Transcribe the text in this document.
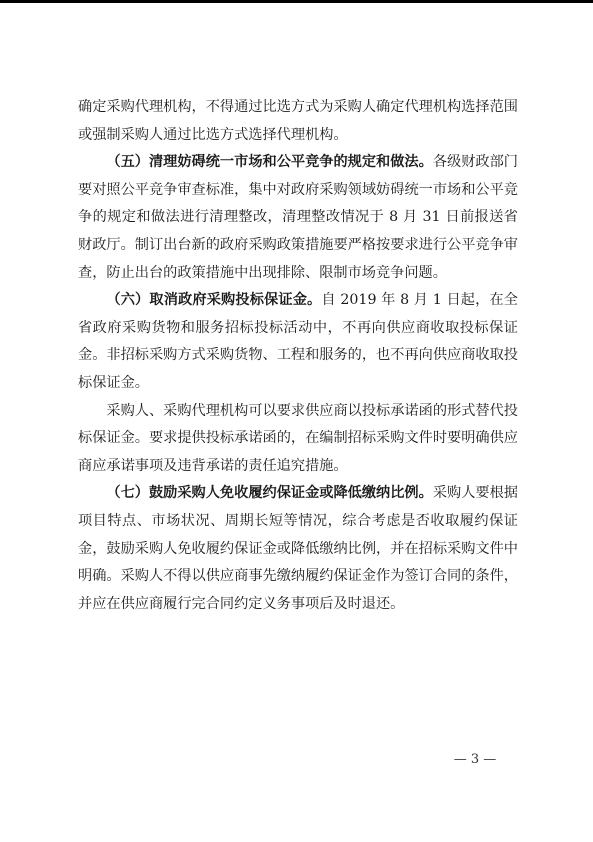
确定采购代理机构，不得通过比选方式为采购人确定代理机构选择范围或强制采购人通过比选方式选择代理机构。

（五）清理妨碍统一市场和公平竞争的规定和做法。各级财政部门要对照公平竞争审查标准，集中对政府采购领域妨碍统一市场和公平竞争的规定和做法进行清理整改，清理整改情况于 8 月 31 日前报送省财政厅。制订出台新的政府采购政策措施要严格按要求进行公平竞争审查，防止出台的政策措施中出现排除、限制市场竞争问题。

（六）取消政府采购投标保证金。自 2019 年 8 月 1 日起，在全省政府采购货物和服务招标投标活动中，不再向供应商收取投标保证金。非招标采购方式采购货物、工程和服务的，也不再向供应商收取投标保证金。

采购人、采购代理机构可以要求供应商以投标承诺函的形式替代投标保证金。要求提供投标承诺函的，在编制招标采购文件时要明确供应商应承诺事项及违背承诺的责任追究措施。

（七）鼓励采购人免收履约保证金或降低缴纳比例。采购人要根据项目特点、市场状况、周期长短等情况，综合考虑是否收取履约保证金，鼓励采购人免收履约保证金或降低缴纳比例，并在招标采购文件中明确。采购人不得以供应商事先缴纳履约保证金作为签订合同的条件，并应在供应商履行完合同约定义务事项后及时退还。

— 3 —
